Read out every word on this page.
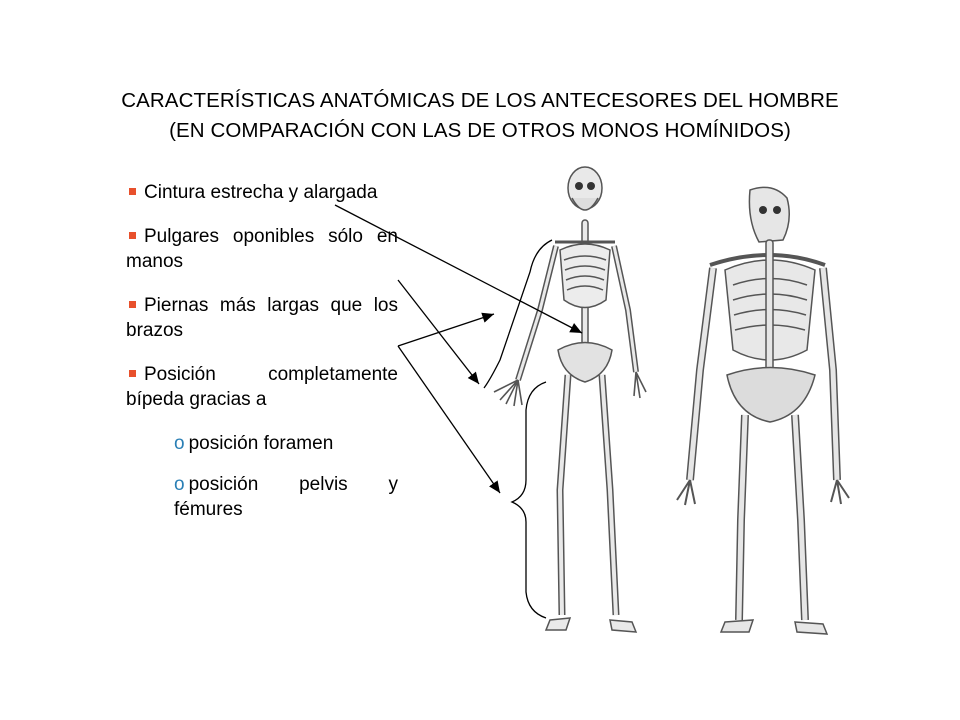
CARACTERÍSTICAS ANATÓMICAS DE LOS ANTECESORES DEL HOMBRE
(EN COMPARACIÓN CON LAS DE OTROS MONOS HOMÍNIDOS)
Cintura estrecha y alargada
Pulgares oponibles sólo en manos
Piernas más largas que los brazos
Posición completamente bípeda gracias a
o posición foramen
o posición pelvis y fémures
